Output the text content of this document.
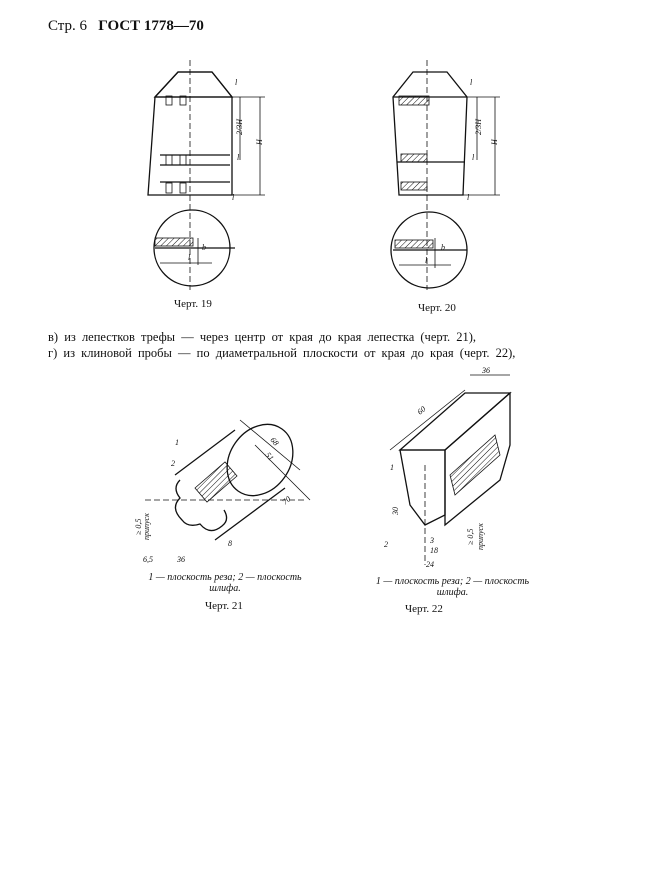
Стр. 6 ГОСТ 1778—70
l
2/3H
H
l
l
b
l
Черт. 19
l
2/3H
H
l
l
b
l
Черт. 20
в) из лепестков трефы — через центр от края до края лепестка (черт. 21),
г) из клиновой пробы — по диаметральной плоскости от края до края (черт. 22),
68
51
70
≥ 0,5 припуск
6,5	36
8
1
2
1 — плоскость реза; 2 — плоскость
шлифа.
Черт. 21
36
60
1
30
2	3
18
24
≥ 0,5 припуск
1 — плоскость реза; 2 — плоскость
шлифа.
Черт. 22
